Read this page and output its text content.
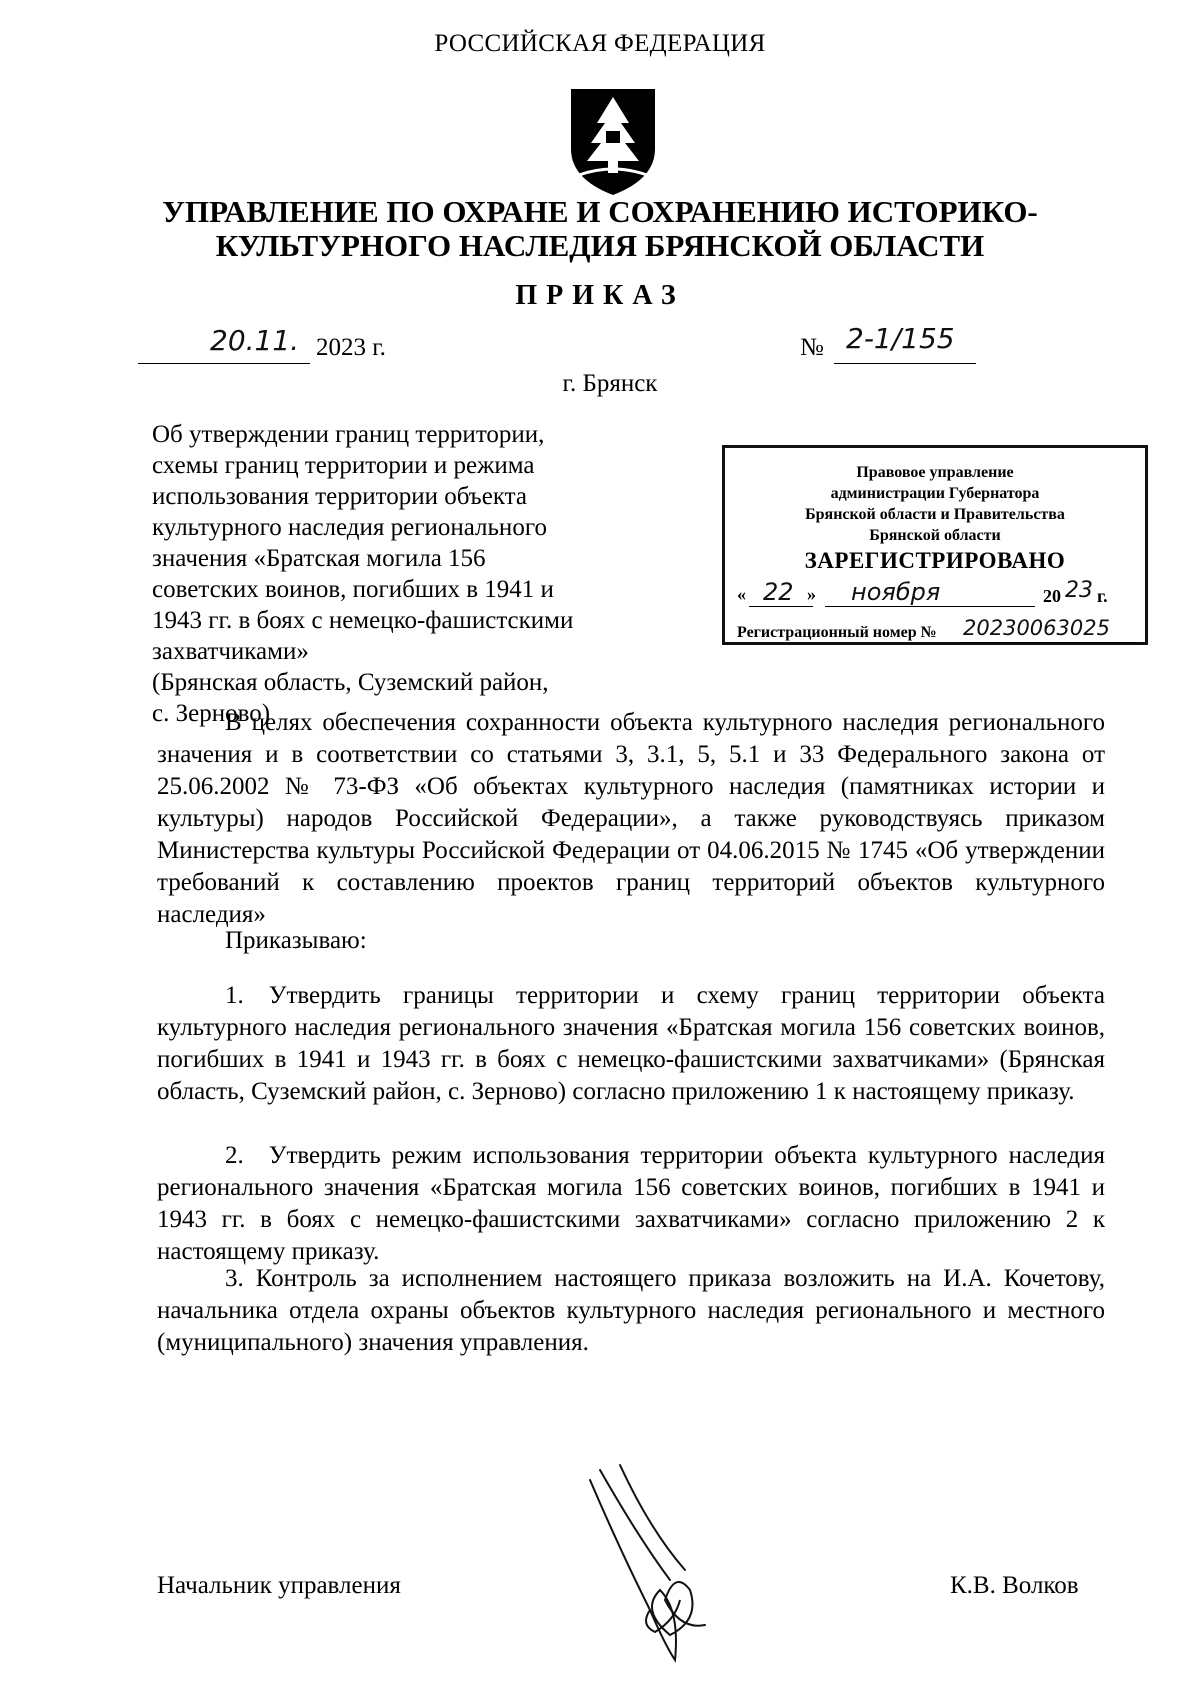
РОССИЙСКАЯ ФЕДЕРАЦИЯ
УПРАВЛЕНИЕ ПО ОХРАНЕ И СОХРАНЕНИЮ ИСТОРИКО-
КУЛЬТУРНОГО НАСЛЕДИЯ БРЯНСКОЙ ОБЛАСТИ
ПРИКАЗ
20.11. 2023 г.	№ 2-1/155
г. Брянск
Об утверждении границ территории,
схемы границ территории и режима
использования территории объекта
культурного наследия регионального
значения «Братская могила 156
советских воинов, погибших в 1941 и
1943 гг. в боях с немецко-фашистскими
захватчиками»
(Брянская область, Суземский район,
с. Зерново)
Правовое управление
администрации Губернатора
Брянской области и Правительства
Брянской области
ЗАРЕГИСТРИРОВАНО
« 22 » ноября	20 23 г.
Регистрационный номер № 20230063025
В целях обеспечения сохранности объекта культурного наследия регионального значения и в соответствии со статьями 3, 3.1, 5, 5.1 и 33 Федерального закона от 25.06.2002 № 73-ФЗ «Об объектах культурного наследия (памятниках истории и культуры) народов Российской Федерации», а также руководствуясь приказом Министерства культуры Российской Федерации от 04.06.2015 № 1745 «Об утверждении требований к составлению проектов границ территорий объектов культурного наследия»
Приказываю:
1. Утвердить границы территории и схему границ территории объекта культурного наследия регионального значения «Братская могила 156 советских воинов, погибших в 1941 и 1943 гг. в боях с немецко-фашистскими захватчиками» (Брянская область, Суземский район, с. Зерново) согласно приложению 1 к настоящему приказу.
2. Утвердить режим использования территории объекта культурного наследия регионального значения «Братская могила 156 советских воинов, погибших в 1941 и 1943 гг. в боях с немецко-фашистскими захватчиками» согласно приложению 2 к настоящему приказу.
3. Контроль за исполнением настоящего приказа возложить на И.А. Кочетову, начальника отдела охраны объектов культурного наследия регионального и местного (муниципального) значения управления.
Начальник управления	К.В. Волков
